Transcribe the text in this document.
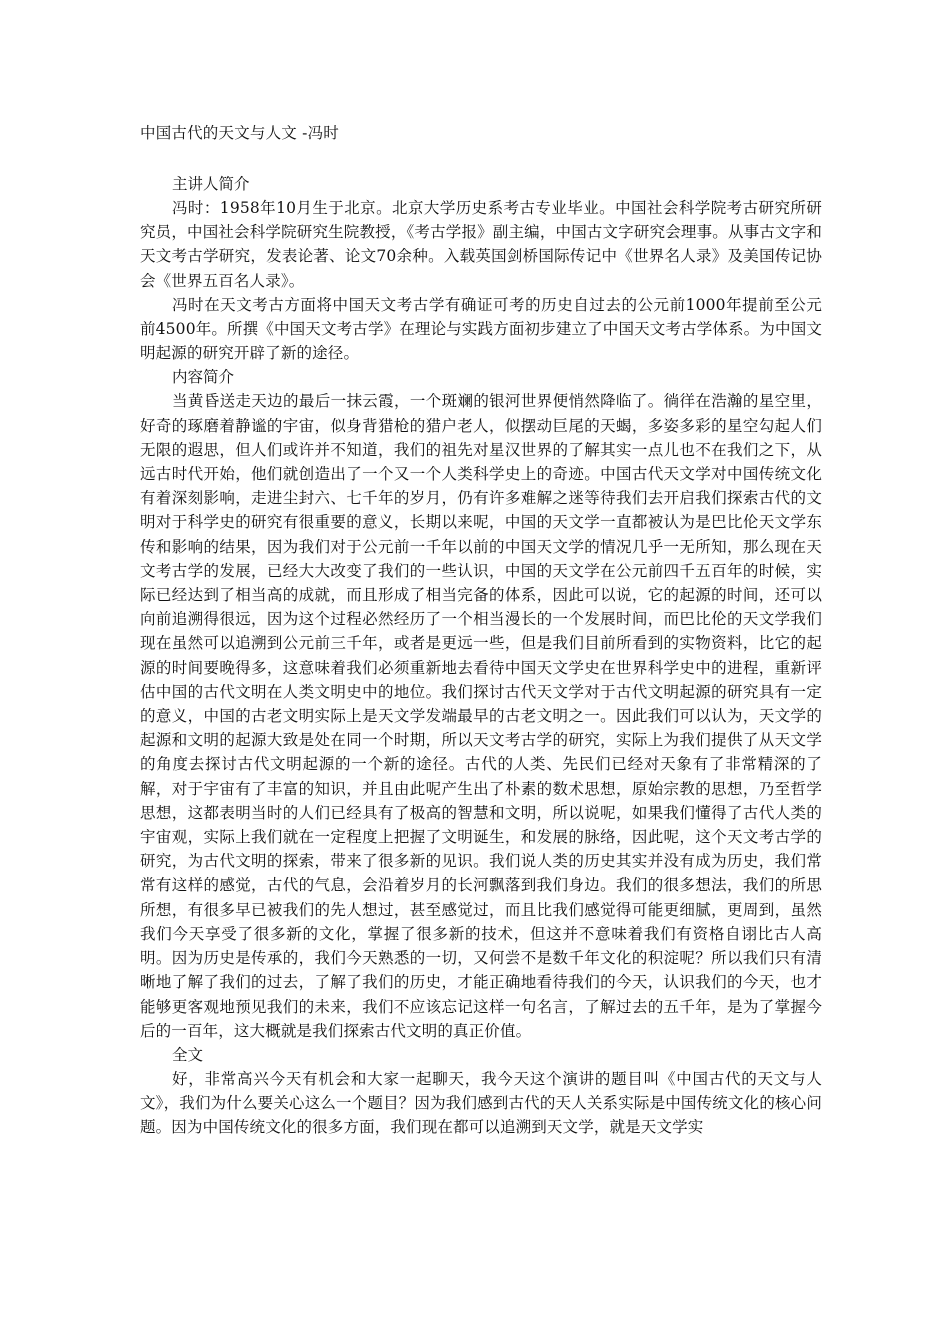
中国古代的天文与人文 -冯时

主讲人简介

冯时：1958年10月生于北京。北京大学历史系考古专业毕业。中国社会科学院考古研究所研究员，中国社会科学院研究生院教授，《考古学报》副主编，中国古文字研究会理事。从事古文字和天文考古学研究，发表论著、论文70余种。入载英国剑桥国际传记中《世界名人录》及美国传记协会《世界五百名人录》。

冯时在天文考古方面将中国天文考古学有确证可考的历史自过去的公元前1000年提前至公元前4500年。所撰《中国天文考古学》在理论与实践方面初步建立了中国天文考古学体系。为中国文明起源的研究开辟了新的途径。

内容简介

当黄昏送走天边的最后一抹云霞，一个斑斓的银河世界便悄然降临了。徜徉在浩瀚的星空里，好奇的琢磨着静谧的宇宙，似身背猎枪的猎户老人，似摆动巨尾的天蝎，多姿多彩的星空勾起人们无限的遐思，但人们或许并不知道，我们的祖先对星汉世界的了解其实一点儿也不在我们之下，从远古时代开始，他们就创造出了一个又一个人类科学史上的奇迹。中国古代天文学对中国传统文化有着深刻影响，走进尘封六、七千年的岁月，仍有许多难解之迷等待我们去开启我们探索古代的文明对于科学史的研究有很重要的意义，长期以来呢，中国的天文学一直都被认为是巴比伦天文学东传和影响的结果，因为我们对于公元前一千年以前的中国天文学的情况几乎一无所知，那么现在天文考古学的发展，已经大大改变了我们的一些认识，中国的天文学在公元前四千五百年的时候，实际已经达到了相当高的成就，而且形成了相当完备的体系，因此可以说，它的起源的时间，还可以向前追溯得很远，因为这个过程必然经历了一个相当漫长的一个发展时间，而巴比伦的天文学我们现在虽然可以追溯到公元前三千年，或者是更远一些，但是我们目前所看到的实物资料，比它的起源的时间要晚得多，这意味着我们必须重新地去看待中国天文学史在世界科学史中的进程，重新评估中国的古代文明在人类文明史中的地位。我们探讨古代天文学对于古代文明起源的研究具有一定的意义，中国的古老文明实际上是天文学发端最早的古老文明之一。因此我们可以认为，天文学的起源和文明的起源大致是处在同一个时期，所以天文考古学的研究，实际上为我们提供了从天文学的角度去探讨古代文明起源的一个新的途径。古代的人类、先民们已经对天象有了非常精深的了解，对于宇宙有了丰富的知识，并且由此呢产生出了朴素的数术思想，原始宗教的思想，乃至哲学思想，这都表明当时的人们已经具有了极高的智慧和文明，所以说呢，如果我们懂得了古代人类的宇宙观，实际上我们就在一定程度上把握了文明诞生，和发展的脉络，因此呢，这个天文考古学的研究，为古代文明的探索，带来了很多新的见识。我们说人类的历史其实并没有成为历史，我们常常有这样的感觉，古代的气息，会沿着岁月的长河飘落到我们身边。我们的很多想法，我们的所思所想，有很多早已被我们的先人想过，甚至感觉过，而且比我们感觉得可能更细腻，更周到，虽然我们今天享受了很多新的文化，掌握了很多新的技术，但这并不意味着我们有资格自诩比古人高明。因为历史是传承的，我们今天熟悉的一切，又何尝不是数千年文化的积淀呢？所以我们只有清晰地了解了我们的过去，了解了我们的历史，才能正确地看待我们的今天，认识我们的今天，也才能够更客观地预见我们的未来，我们不应该忘记这样一句名言，了解过去的五千年，是为了掌握今后的一百年，这大概就是我们探索古代文明的真正价值。

全文

好，非常高兴今天有机会和大家一起聊天，我今天这个演讲的题目叫《中国古代的天文与人文》，我们为什么要关心这么一个题目？因为我们感到古代的天人关系实际是中国传统文化的核心问题。因为中国传统文化的很多方面，我们现在都可以追溯到天文学，就是天文学实
